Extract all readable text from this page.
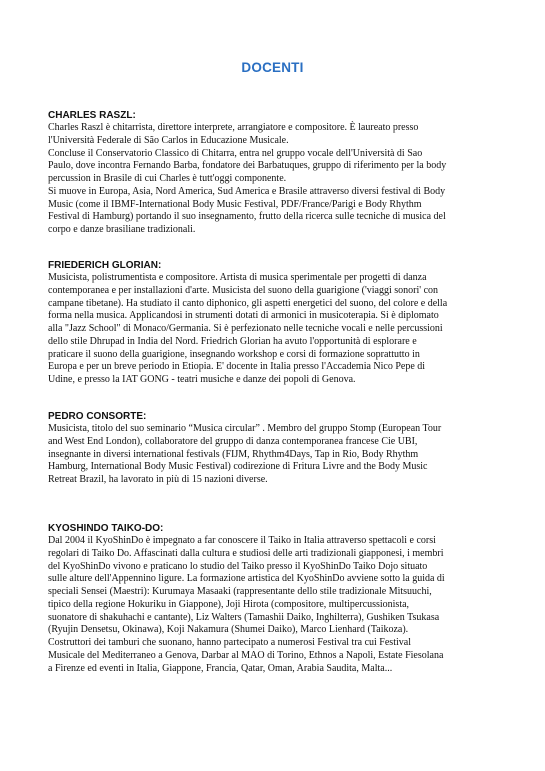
DOCENTI

CHARLES RASZL:

Charles Raszl è chitarrista, direttore interprete, arrangiatore e compositore. È laureato presso
l'Università Federale di São Carlos in Educazione Musicale.
Concluse il Conservatorio Classico di Chitarra, entra nel gruppo vocale dell'Università di Sao
Paulo, dove incontra Fernando Barba, fondatore dei Barbatuques, gruppo di riferimento per la body
percussion in Brasile di cui Charles è tutt'oggi componente.
Si muove in Europa, Asia, Nord America, Sud America e Brasile attraverso diversi festival di Body
Music (come il IBMF-International Body Music Festival, PDF/France/Parigi e Body Rhythm
Festival di Hamburg) portando il suo insegnamento, frutto della ricerca sulle tecniche di musica del
corpo e danze brasiliane tradizionali.

FRIEDERICH GLORIAN:

Musicista, polistrumentista e compositore. Artista di musica sperimentale per progetti di danza
contemporanea e per installazioni d'arte. Musicista del suono della guarigione ('viaggi sonori' con
campane tibetane). Ha studiato il canto diphonico, gli aspetti energetici del suono, del colore e della
forma nella musica. Applicandosi in strumenti dotati di armonici in musicoterapia. Si è diplomato
alla "Jazz School" di Monaco/Germania. Si è perfezionato nelle tecniche vocali e nelle percussioni
dello stile Dhrupad in India del Nord. Friedrich Glorian ha avuto l'opportunità di esplorare e
praticare il suono della guarigione, insegnando workshop e corsi di formazione soprattutto in
Europa e per un breve periodo in Etiopia. E' docente in Italia presso l'Accademia Nico Pepe di
Udine, e presso la IAT GONG - teatri musiche e danze dei popoli di Genova.

PEDRO CONSORTE:

Musicista, titolo del suo seminario “Musica circular” . Membro del gruppo Stomp (European Tour
and West End London), collaboratore del gruppo di danza contemporanea francese Cie UBI,
insegnante in diversi international festivals (FIJM, Rhythm4Days, Tap in Rio, Body Rhythm
Hamburg, International Body Music Festival) codirezione di Fritura Livre and the Body Music
Retreat Brazil, ha lavorato in più di 15 nazioni diverse.

KYOSHINDO TAIKO-DO:

Dal 2004 il KyoShinDo è impegnato a far conoscere il Taiko in Italia attraverso spettacoli e corsi
regolari di Taiko Do. Affascinati dalla cultura e studiosi delle arti tradizionali giapponesi, i membri
del KyoShinDo vivono e praticano lo studio del Taiko presso il KyoShinDo Taiko Dojo situato
sulle alture dell'Appennino ligure. La formazione artistica del KyoShinDo avviene sotto la guida di
speciali Sensei (Maestri): Kurumaya Masaaki (rappresentante dello stile tradizionale Mitsuuchi,
tipico della regione Hokuriku in Giappone), Joji Hirota (compositore, multipercussionista,
suonatore di shakuhachi e cantante), Liz Walters (Tamashii Daiko, Inghilterra), Gushiken Tsukasa
(Ryujin Densetsu, Okinawa), Koji Nakamura (Shumei Daiko), Marco Lienhard (Taikoza).
Costruttori dei tamburi che suonano, hanno partecipato a numerosi Festival tra cui Festival
Musicale del Mediterraneo a Genova, Darbar al MAO di Torino, Ethnos a Napoli, Estate Fiesolana
a Firenze ed eventi in Italia, Giappone, Francia, Qatar, Oman, Arabia Saudita, Malta...
